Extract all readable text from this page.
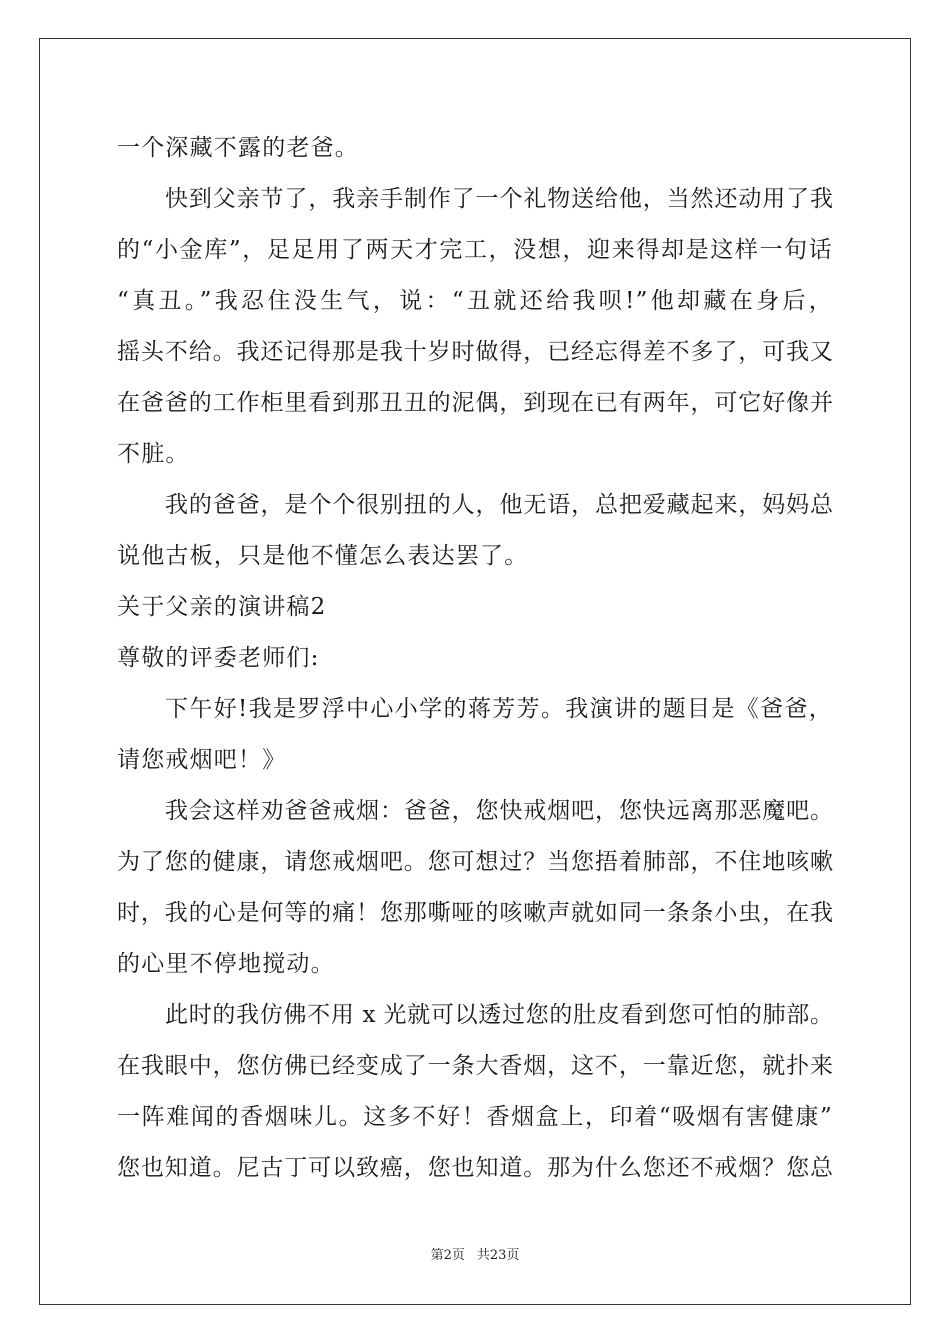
一个深藏不露的老爸。
快到父亲节了，我亲手制作了一个礼物送给他，当然还动用了我
的“小金库”，足足用了两天才完工，没想，迎来得却是这样一句话
“真丑。”我忍住没生气，说：“丑就还给我呗!”他却藏在身后，
摇头不给。我还记得那是我十岁时做得，已经忘得差不多了，可我又
在爸爸的工作柜里看到那丑丑的泥偶，到现在已有两年，可它好像并
不脏。
我的爸爸，是个个很别扭的人，他无语，总把爱藏起来，妈妈总
说他古板，只是他不懂怎么表达罢了。
关于父亲的演讲稿2
尊敬的评委老师们:
下午好!我是罗浮中心小学的蒋芳芳。我演讲的题目是《爸爸，
请您戒烟吧！》
我会这样劝爸爸戒烟：爸爸，您快戒烟吧，您快远离那恶魔吧。
为了您的健康，请您戒烟吧。您可想过？当您捂着肺部，不住地咳嗽
时，我的心是何等的痛！您那嘶哑的咳嗽声就如同一条条小虫，在我
的心里不停地搅动。
此时的我仿佛不用 x 光就可以透过您的肚皮看到您可怕的肺部。
在我眼中，您仿佛已经变成了一条大香烟，这不，一靠近您，就扑来
一阵难闻的香烟味儿。这多不好！香烟盒上，印着“吸烟有害健康”
您也知道。尼古丁可以致癌，您也知道。那为什么您还不戒烟？您总
第2页 共23页
